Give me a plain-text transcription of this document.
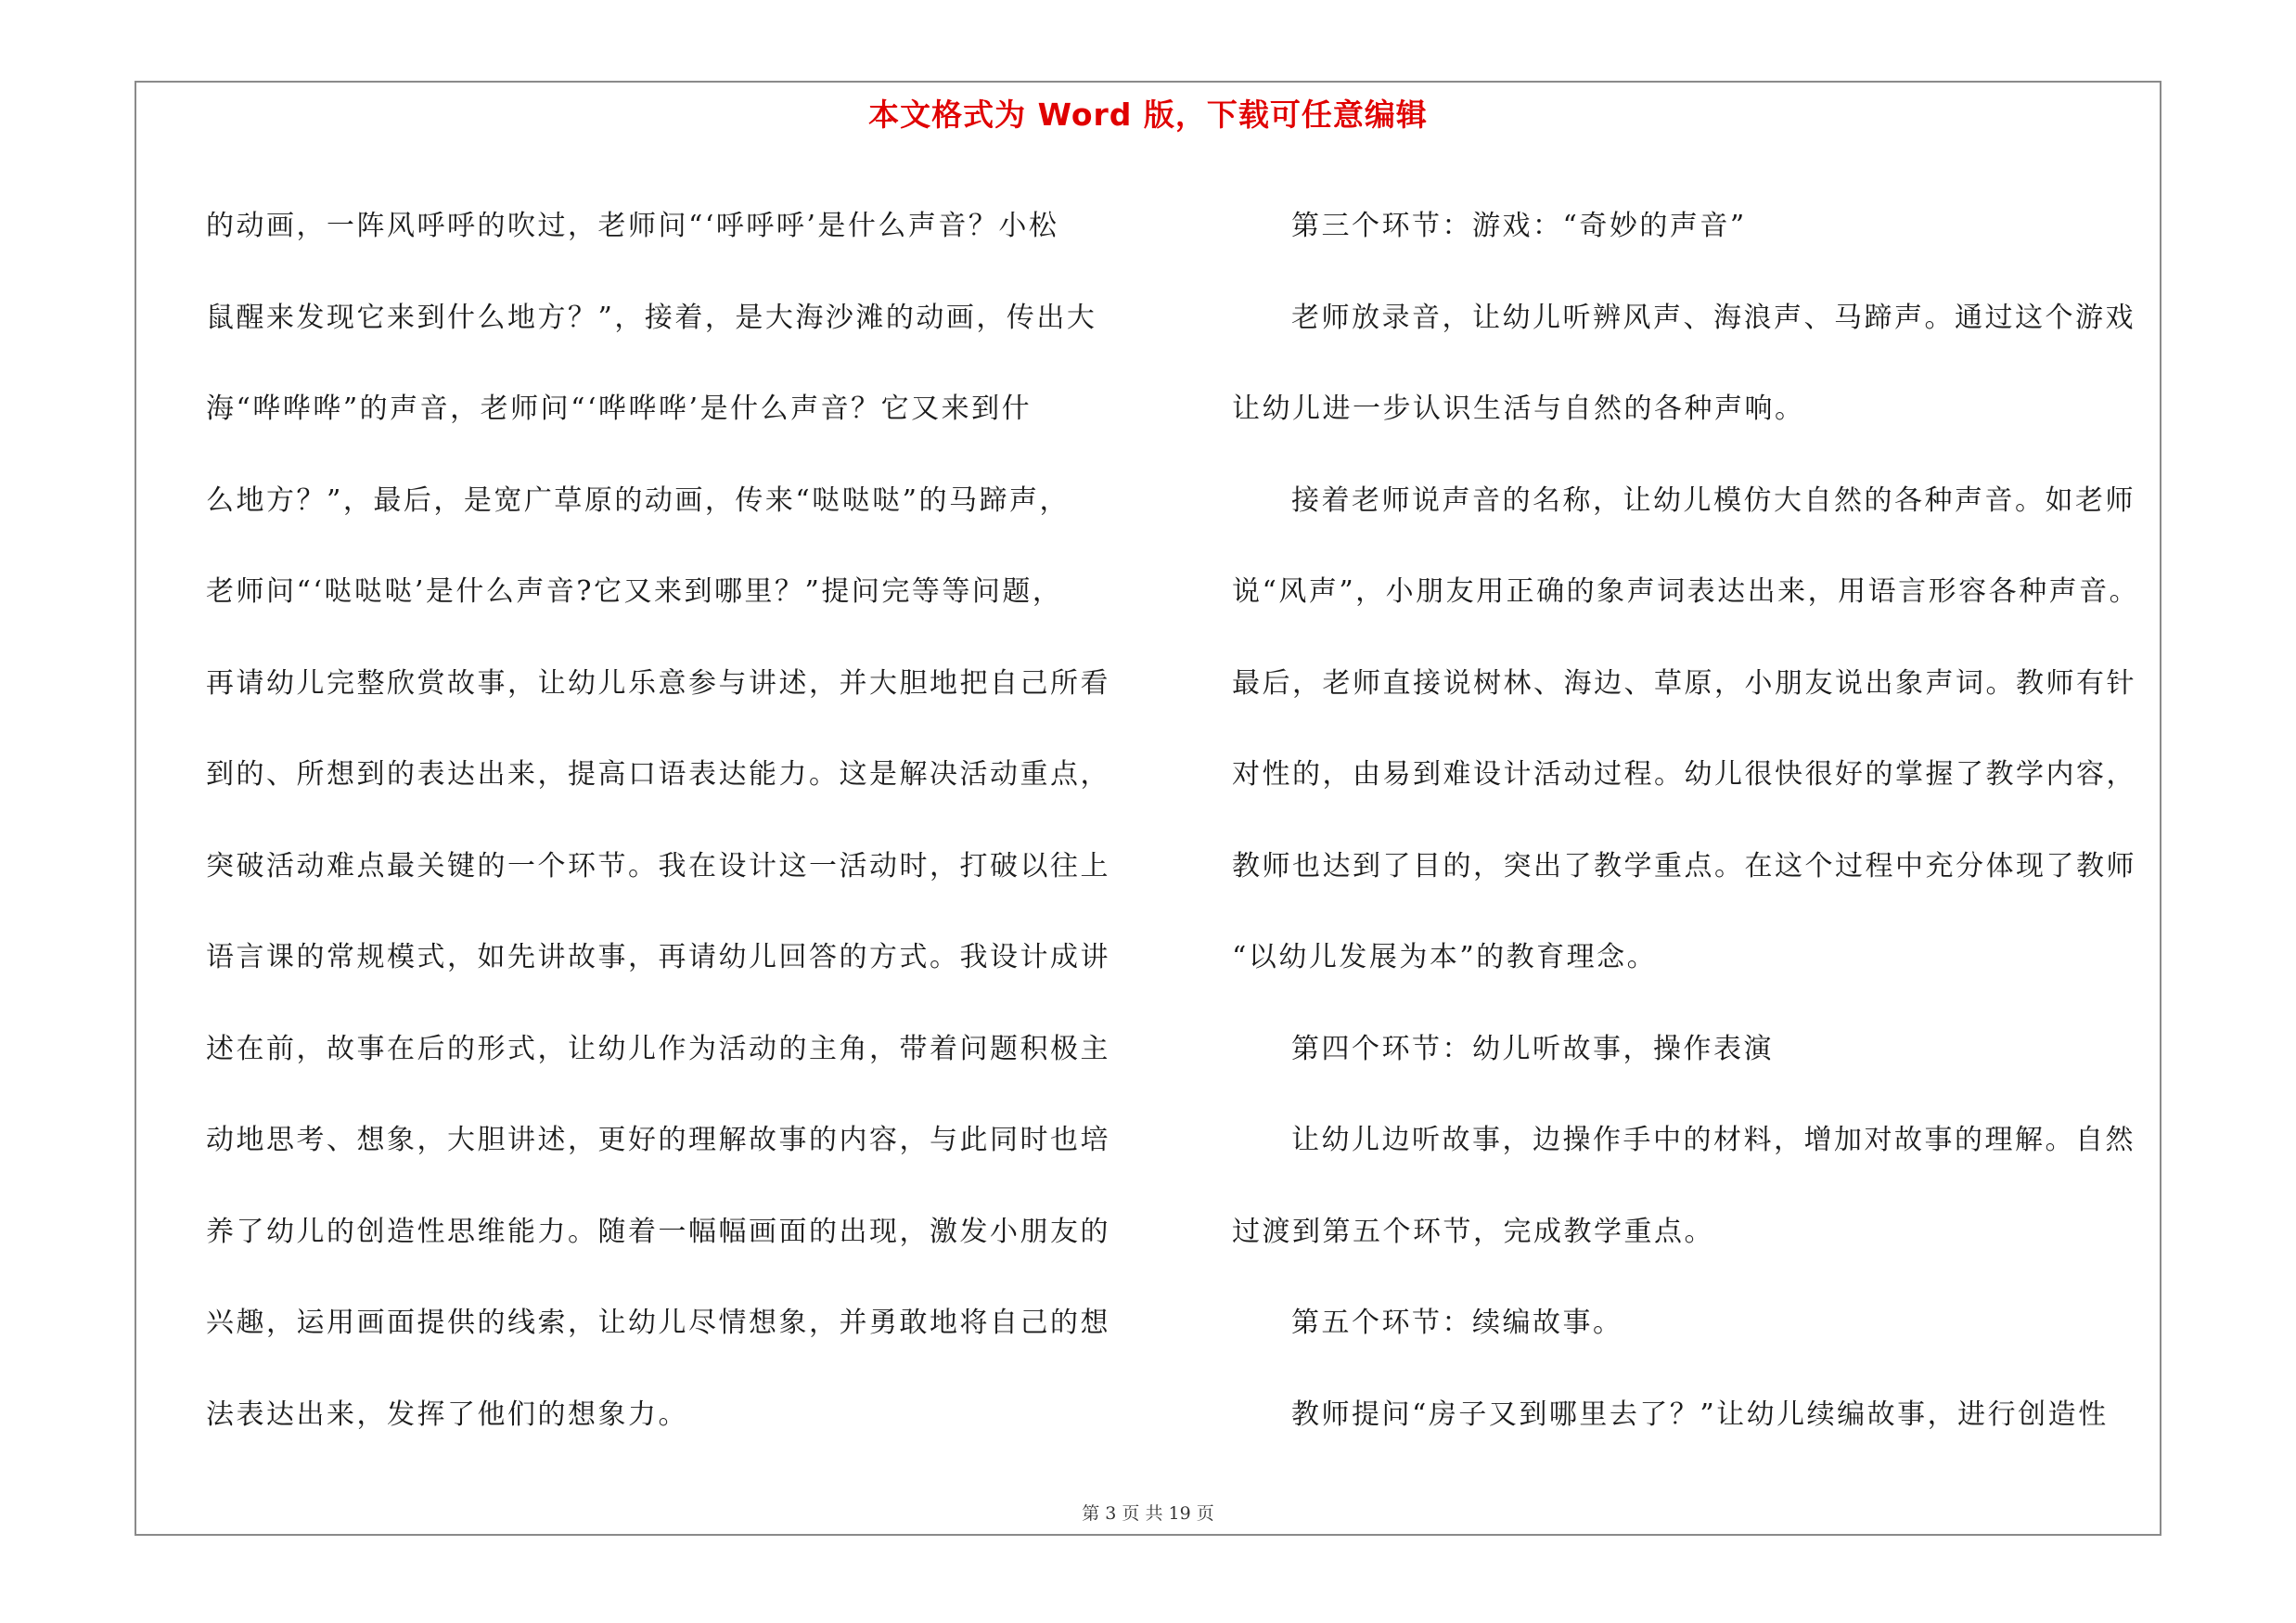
本文格式为 Word 版，下载可任意编辑
的动画，一阵风呼呼的吹过，老师问“‘呼呼呼’是什么声音？小松
鼠醒来发现它来到什么地方？”，接着，是大海沙滩的动画，传出大
海“哗哗哗”的声音，老师问“‘哗哗哗’是什么声音？它又来到什
么地方？”，最后，是宽广草原的动画，传来“哒哒哒”的马蹄声，
老师问“‘哒哒哒’是什么声音?它又来到哪里？”提问完等等问题，
再请幼儿完整欣赏故事，让幼儿乐意参与讲述，并大胆地把自己所看
到的、所想到的表达出来，提高口语表达能力。这是解决活动重点，
突破活动难点最关键的一个环节。我在设计这一活动时，打破以往上
语言课的常规模式，如先讲故事，再请幼儿回答的方式。我设计成讲
述在前，故事在后的形式，让幼儿作为活动的主角，带着问题积极主
动地思考、想象，大胆讲述，更好的理解故事的内容，与此同时也培
养了幼儿的创造性思维能力。随着一幅幅画面的出现，激发小朋友的
兴趣，运用画面提供的线索，让幼儿尽情想象，并勇敢地将自己的想
法表达出来，发挥了他们的想象力。
第三个环节：游戏：“奇妙的声音”
老师放录音，让幼儿听辨风声、海浪声、马蹄声。通过这个游戏
让幼儿进一步认识生活与自然的各种声响。
接着老师说声音的名称，让幼儿模仿大自然的各种声音。如老师
说“风声”，小朋友用正确的象声词表达出来，用语言形容各种声音。
最后，老师直接说树林、海边、草原，小朋友说出象声词。教师有针
对性的，由易到难设计活动过程。幼儿很快很好的掌握了教学内容，
教师也达到了目的，突出了教学重点。在这个过程中充分体现了教师
“以幼儿发展为本”的教育理念。
第四个环节：幼儿听故事，操作表演
让幼儿边听故事，边操作手中的材料，增加对故事的理解。自然
过渡到第五个环节，完成教学重点。
第五个环节：续编故事。
教师提问“房子又到哪里去了？”让幼儿续编故事，进行创造性
第 3 页 共 19 页
